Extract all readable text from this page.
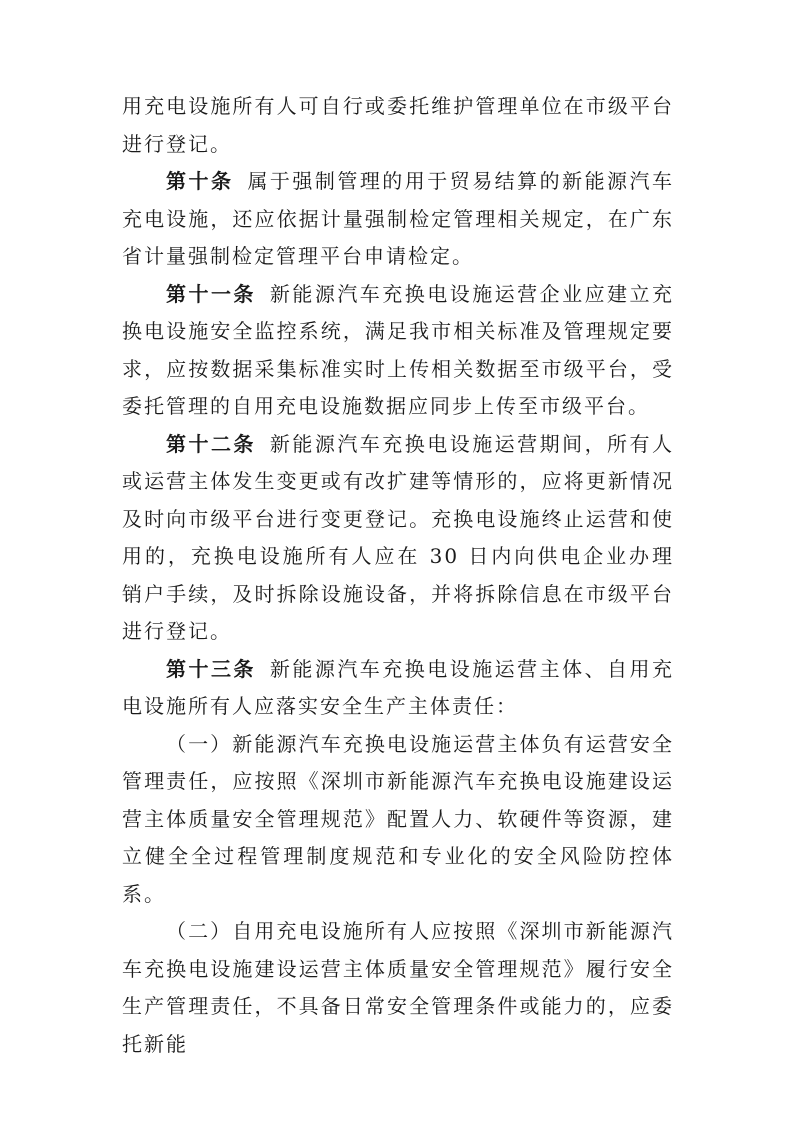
用充电设施所有人可自行或委托维护管理单位在市级平台进行登记。

第十条 属于强制管理的用于贸易结算的新能源汽车充电设施，还应依据计量强制检定管理相关规定，在广东省计量强制检定管理平台申请检定。

第十一条 新能源汽车充换电设施运营企业应建立充换电设施安全监控系统，满足我市相关标准及管理规定要求，应按数据采集标准实时上传相关数据至市级平台，受委托管理的自用充电设施数据应同步上传至市级平台。

第十二条 新能源汽车充换电设施运营期间，所有人或运营主体发生变更或有改扩建等情形的，应将更新情况及时向市级平台进行变更登记。充换电设施终止运营和使用的，充换电设施所有人应在 30 日内向供电企业办理销户手续，及时拆除设施设备，并将拆除信息在市级平台进行登记。

第十三条 新能源汽车充换电设施运营主体、自用充电设施所有人应落实安全生产主体责任：

（一）新能源汽车充换电设施运营主体负有运营安全管理责任，应按照《深圳市新能源汽车充换电设施建设运营主体质量安全管理规范》配置人力、软硬件等资源，建立健全全过程管理制度规范和专业化的安全风险防控体系。

（二）自用充电设施所有人应按照《深圳市新能源汽车充换电设施建设运营主体质量安全管理规范》履行安全生产管理责任，不具备日常安全管理条件或能力的，应委托新能
